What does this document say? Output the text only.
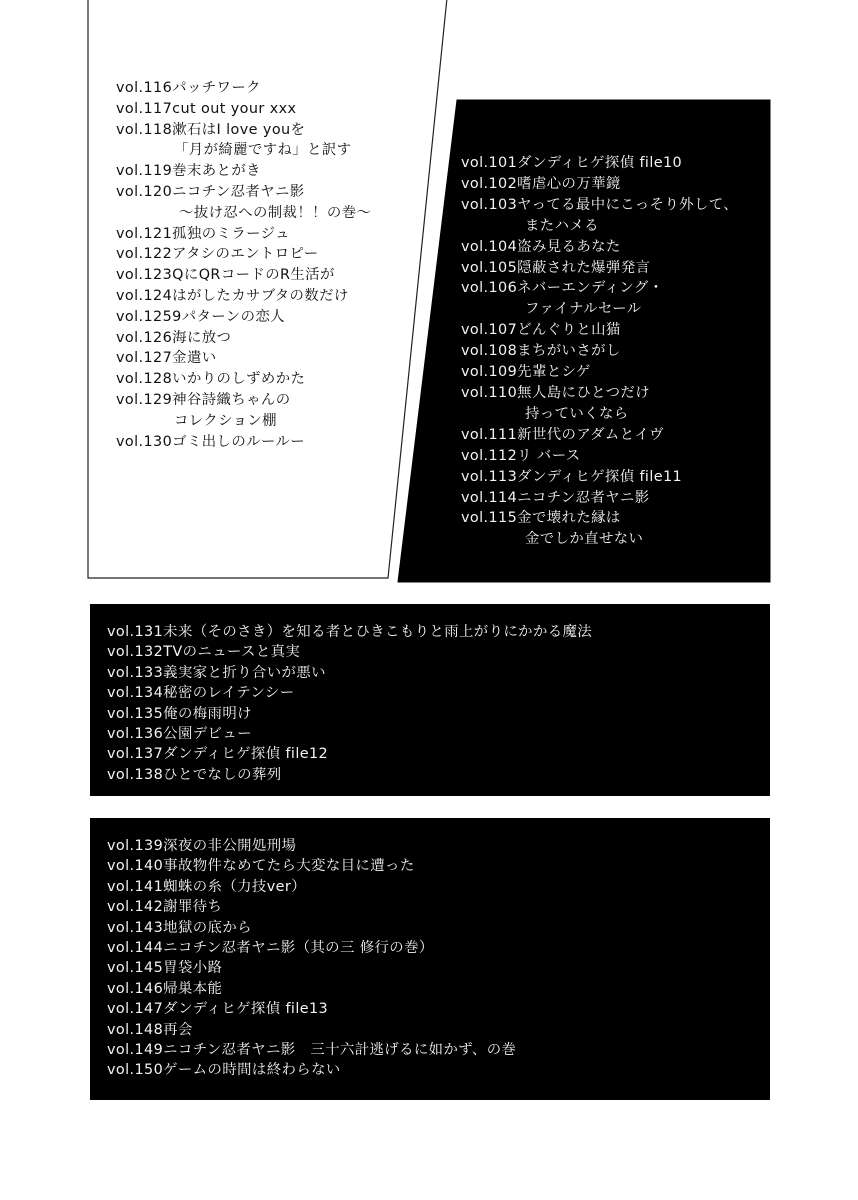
vol.116パッチワーク
vol.117cut out your xxx
vol.118漱石はI love youを
「月が綺麗ですね」と訳す
vol.119巻末あとがき
vol.120ニコチン忍者ヤニ影
〜抜け忍への制裁！！の巻〜
vol.121孤独のミラージュ
vol.122アタシのエントロピー
vol.123QにQRコードのR生活が
vol.124はがしたカサブタの数だけ
vol.1259パターンの恋人
vol.126海に放つ
vol.127金遣い
vol.128いかりのしずめかた
vol.129神谷詩織ちゃんの
コレクション棚
vol.130ゴミ出しのルールー
vol.101ダンディヒゲ探偵 file10
vol.102嗜虐心の万華鏡
vol.103ヤってる最中にこっそり外して、
またハメる
vol.104盗み見るあなた
vol.105隠蔽された爆弾発言
vol.106ネバーエンディング・
ファイナルセール
vol.107どんぐりと山猫
vol.108まちがいさがし
vol.109先輩とシゲ
vol.110無人島にひとつだけ
持っていくなら
vol.111新世代のアダムとイヴ
vol.112リ バース
vol.113ダンディヒゲ探偵 file11
vol.114ニコチン忍者ヤニ影
vol.115金で壊れた縁は
金でしか直せない
vol.131未来（そのさき）を知る者とひきこもりと雨上がりにかかる魔法
vol.132TVのニュースと真実
vol.133義実家と折り合いが悪い
vol.134秘密のレイテンシー
vol.135俺の梅雨明け
vol.136公園デビュー
vol.137ダンディヒゲ探偵 file12
vol.138ひとでなしの葬列
vol.139深夜の非公開処刑場
vol.140事故物件なめてたら大変な目に遭った
vol.141蜘蛛の糸（力技ver）
vol.142謝罪待ち
vol.143地獄の底から
vol.144ニコチン忍者ヤニ影（其の三 修行の巻）
vol.145胃袋小路
vol.146帰巣本能
vol.147ダンディヒゲ探偵 file13
vol.148再会
vol.149ニコチン忍者ヤニ影　三十六計逃げるに如かず、の巻
vol.150ゲームの時間は終わらない
